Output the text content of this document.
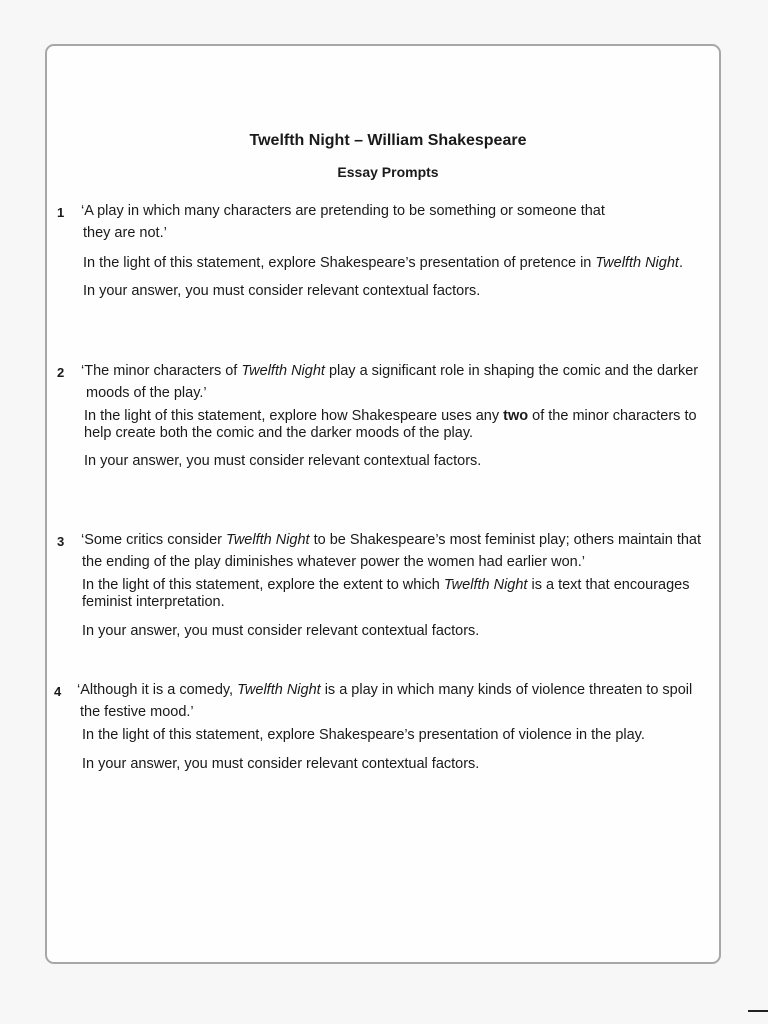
Twelfth Night – William Shakespeare
Essay Prompts
1 ‘A play in which many characters are pretending to be something or someone that
they are not.’
In the light of this statement, explore Shakespeare’s presentation of pretence in Twelfth Night.
In your answer, you must consider relevant contextual factors.
2 ‘The minor characters of Twelfth Night play a significant role in shaping the comic and the darker
moods of the play.’
In the light of this statement, explore how Shakespeare uses any two of the minor characters to help create both the comic and the darker moods of the play.
In your answer, you must consider relevant contextual factors.
3 ‘Some critics consider Twelfth Night to be Shakespeare’s most feminist play; others maintain that
the ending of the play diminishes whatever power the women had earlier won.’
In the light of this statement, explore the extent to which Twelfth Night is a text that encourages feminist interpretation.
In your answer, you must consider relevant contextual factors.
4 ‘Although it is a comedy, Twelfth Night is a play in which many kinds of violence threaten to spoil
the festive mood.’
In the light of this statement, explore Shakespeare’s presentation of violence in the play.
In your answer, you must consider relevant contextual factors.
